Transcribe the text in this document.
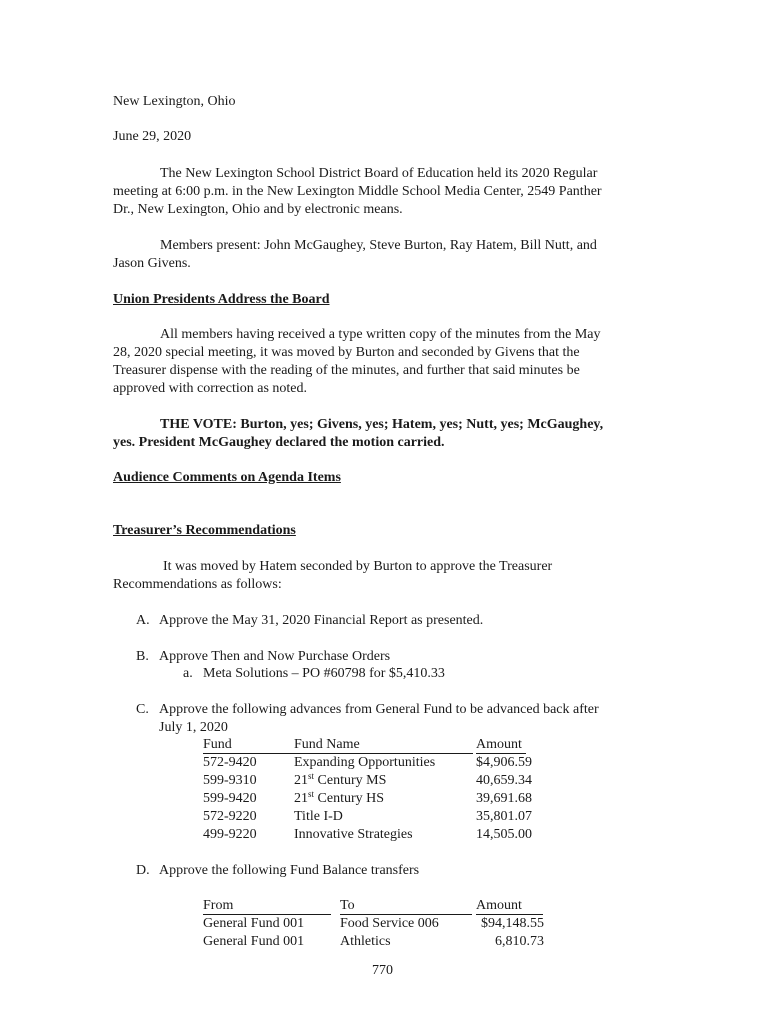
New Lexington, Ohio
June 29, 2020
The New Lexington School District Board of Education held its 2020 Regular
meeting at 6:00 p.m. in the New Lexington Middle School Media Center, 2549 Panther
Dr., New Lexington, Ohio and by electronic means.
Members present: John McGaughey, Steve Burton, Ray Hatem, Bill Nutt, and
Jason Givens.
Union Presidents Address the Board
All members having received a type written copy of the minutes from the May
28, 2020 special meeting, it was moved by Burton and seconded by Givens that the
Treasurer dispense with the reading of the minutes, and further that said minutes be
approved with correction as noted.
THE VOTE: Burton, yes; Givens, yes; Hatem, yes; Nutt, yes; McGaughey,
yes. President McGaughey declared the motion carried.
Audience Comments on Agenda Items
Treasurer’s Recommendations
It was moved by Hatem seconded by Burton to approve the Treasurer
Recommendations as follows:
A. Approve the May 31, 2020 Financial Report as presented.
B. Approve Then and Now Purchase Orders
a. Meta Solutions – PO #60798 for $5,410.33
C. Approve the following advances from General Fund to be advanced back after
July 1, 2020
Fund	Fund Name	Amount
572-9420	Expanding Opportunities	$4,906.59
599-9310	21st Century MS	40,659.34
599-9420	21st Century HS	39,691.68
572-9220	Title I-D	35,801.07
499-9220	Innovative Strategies	14,505.00
D. Approve the following Fund Balance transfers
From	To	Amount
General Fund 001	Food Service 006	$94,148.55
General Fund 001	Athletics	6,810.73
770
